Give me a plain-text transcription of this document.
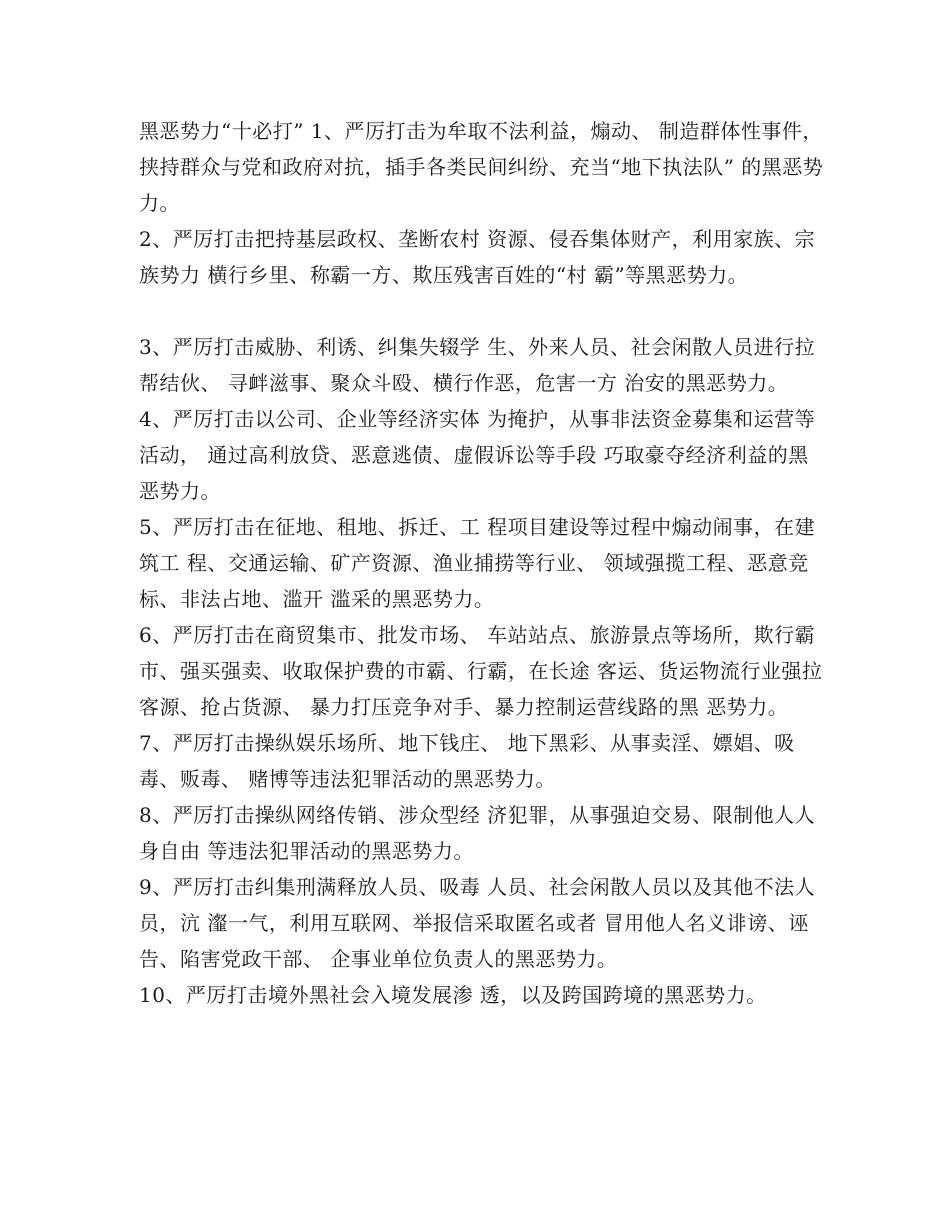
黑恶势力“十必打” 1、严厉打击为牟取不法利益，煽动、 制造群体性事件，挟持群众与党和政府对抗，插手各类民间纠纷、充当“地下执法队” 的黑恶势力。

2、严厉打击把持基层政权、垄断农村 资源、侵吞集体财产，利用家族、宗族势力 横行乡里、称霸一方、欺压残害百姓的“村 霸”等黑恶势力。

3、严厉打击威胁、利诱、纠集失辍学 生、外来人员、社会闲散人员进行拉帮结伙、 寻衅滋事、聚众斗殴、横行作恶，危害一方 治安的黑恶势力。

4、严厉打击以公司、企业等经济实体 为掩护，从事非法资金募集和运营等活动， 通过高利放贷、恶意逃债、虚假诉讼等手段 巧取豪夺经济利益的黑恶势力。

5、严厉打击在征地、租地、拆迁、工 程项目建设等过程中煽动闹事，在建筑工 程、交通运输、矿产资源、渔业捕捞等行业、 领域强揽工程、恶意竞标、非法占地、滥开 滥采的黑恶势力。

6、严厉打击在商贸集市、批发市场、 车站站点、旅游景点等场所，欺行霸市、强买强卖、收取保护费的市霸、行霸，在长途 客运、货运物流行业强拉客源、抢占货源、 暴力打压竞争对手、暴力控制运营线路的黑 恶势力。

7、严厉打击操纵娱乐场所、地下钱庄、 地下黑彩、从事卖淫、嫖娼、吸毒、贩毒、 赌博等违法犯罪活动的黑恶势力。

8、严厉打击操纵网络传销、涉众型经 济犯罪，从事强迫交易、限制他人人身自由 等违法犯罪活动的黑恶势力。

9、严厉打击纠集刑满释放人员、吸毒 人员、社会闲散人员以及其他不法人员，沆 瀣一气，利用互联网、举报信采取匿名或者 冒用他人名义诽谤、诬告、陷害党政干部、 企事业单位负责人的黑恶势力。

10、严厉打击境外黑社会入境发展渗 透，以及跨国跨境的黑恶势力。
